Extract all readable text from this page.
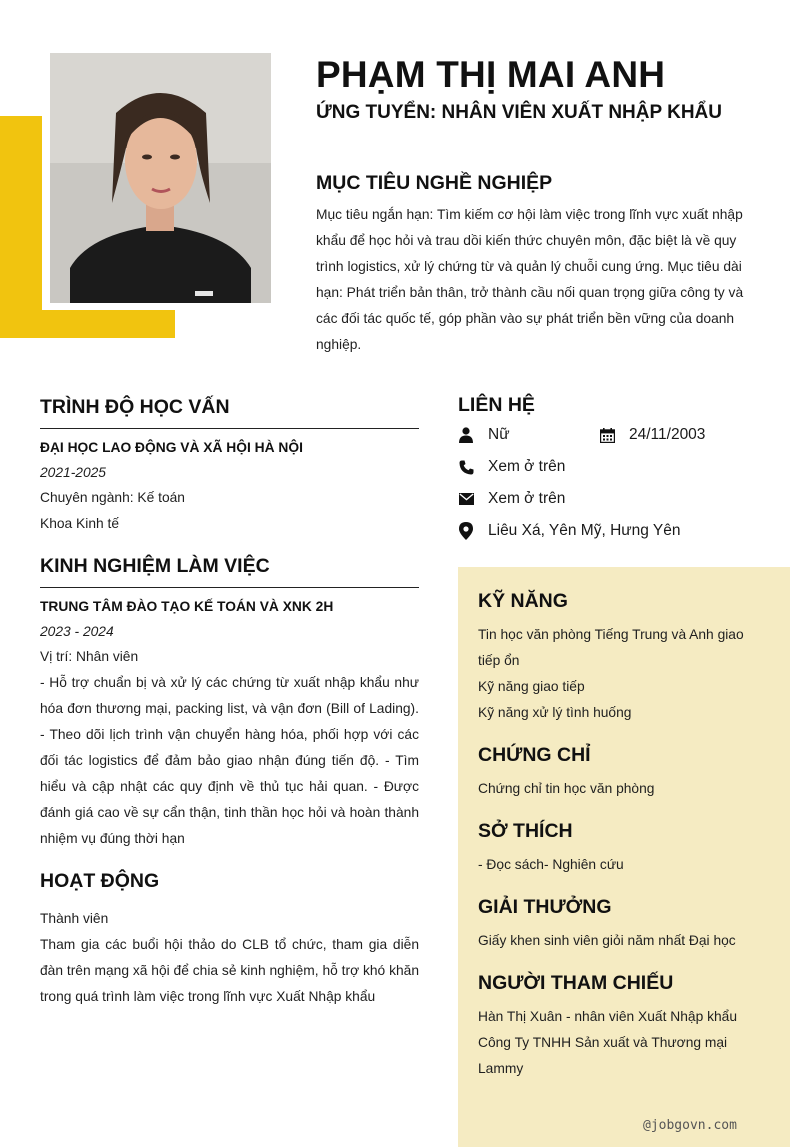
PHẠM THỊ MAI ANH
ỨNG TUYỂN: NHÂN VIÊN XUẤT NHẬP KHẨU
MỤC TIÊU NGHỀ NGHIỆP
Mục tiêu ngắn hạn: Tìm kiếm cơ hội làm việc trong lĩnh vực xuất nhập
khẩu để học hỏi và trau dồi kiến thức chuyên môn, đặc biệt là về quy
trình logistics, xử lý chứng từ và quản lý chuỗi cung ứng. Mục tiêu dài
hạn: Phát triển bản thân, trở thành cầu nối quan trọng giữa công ty và
các đối tác quốc tế, góp phần vào sự phát triển bền vững của doanh
nghiệp.
TRÌNH ĐỘ HỌC VẤN
ĐẠI HỌC LAO ĐỘNG VÀ XÃ HỘI HÀ NỘI
2021-2025
Chuyên ngành: Kế toán
Khoa Kinh tế
KINH NGHIỆM LÀM VIỆC
TRUNG TÂM ĐÀO TẠO KẾ TOÁN VÀ XNK 2H
2023 - 2024
Vị trí: Nhân viên
- Hỗ trợ chuẩn bị và xử lý các chứng từ xuất nhập khẩu như hóa đơn thương mại, packing list, và vận đơn (Bill of Lading). - Theo dõi lịch trình vận chuyển hàng hóa, phối hợp với các đối tác logistics để đảm bảo giao nhận đúng tiến độ. - Tìm hiểu và cập nhật các quy định về thủ tục hải quan. - Được đánh giá cao về sự cẩn thận, tinh thần học hỏi và hoàn thành nhiệm vụ đúng thời hạn
HOẠT ĐỘNG
Thành viên
Tham gia các buổi hội thảo do CLB tổ chức, tham gia diễn đàn trên mạng xã hội để chia sẻ kinh nghiệm, hỗ trợ khó khăn trong quá trình làm việc trong lĩnh vực Xuất Nhập khẩu
LIÊN HỆ
Nữ	24/11/2003
Xem ở trên
Xem ở trên
Liêu Xá, Yên Mỹ, Hưng Yên
KỸ NĂNG
Tin học văn phòng Tiếng Trung và Anh giao tiếp ổn
Kỹ năng giao tiếp
Kỹ năng xử lý tình huống
CHỨNG CHỈ
Chứng chỉ tin học văn phòng
SỞ THÍCH
- Đọc sách- Nghiên cứu
GIẢI THƯỞNG
Giấy khen sinh viên giỏi năm nhất Đại học
NGƯỜI THAM CHIẾU
Hàn Thị Xuân - nhân viên Xuất Nhập khẩu
Công Ty TNHH Sản xuất và Thương mại
Lammy
@jobgovn.com
